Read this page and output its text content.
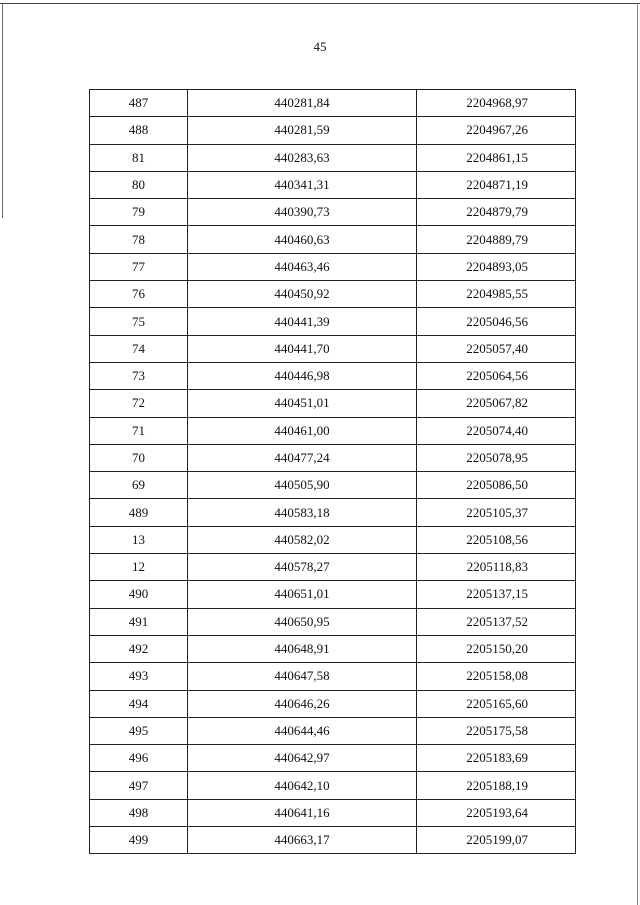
45
487	440281,84	2204968,97
488	440281,59	2204967,26
81	440283,63	2204861,15
80	440341,31	2204871,19
79	440390,73	2204879,79
78	440460,63	2204889,79
77	440463,46	2204893,05
76	440450,92	2204985,55
75	440441,39	2205046,56
74	440441,70	2205057,40
73	440446,98	2205064,56
72	440451,01	2205067,82
71	440461,00	2205074,40
70	440477,24	2205078,95
69	440505,90	2205086,50
489	440583,18	2205105,37
13	440582,02	2205108,56
12	440578,27	2205118,83
490	440651,01	2205137,15
491	440650,95	2205137,52
492	440648,91	2205150,20
493	440647,58	2205158,08
494	440646,26	2205165,60
495	440644,46	2205175,58
496	440642,97	2205183,69
497	440642,10	2205188,19
498	440641,16	2205193,64
499	440663,17	2205199,07
